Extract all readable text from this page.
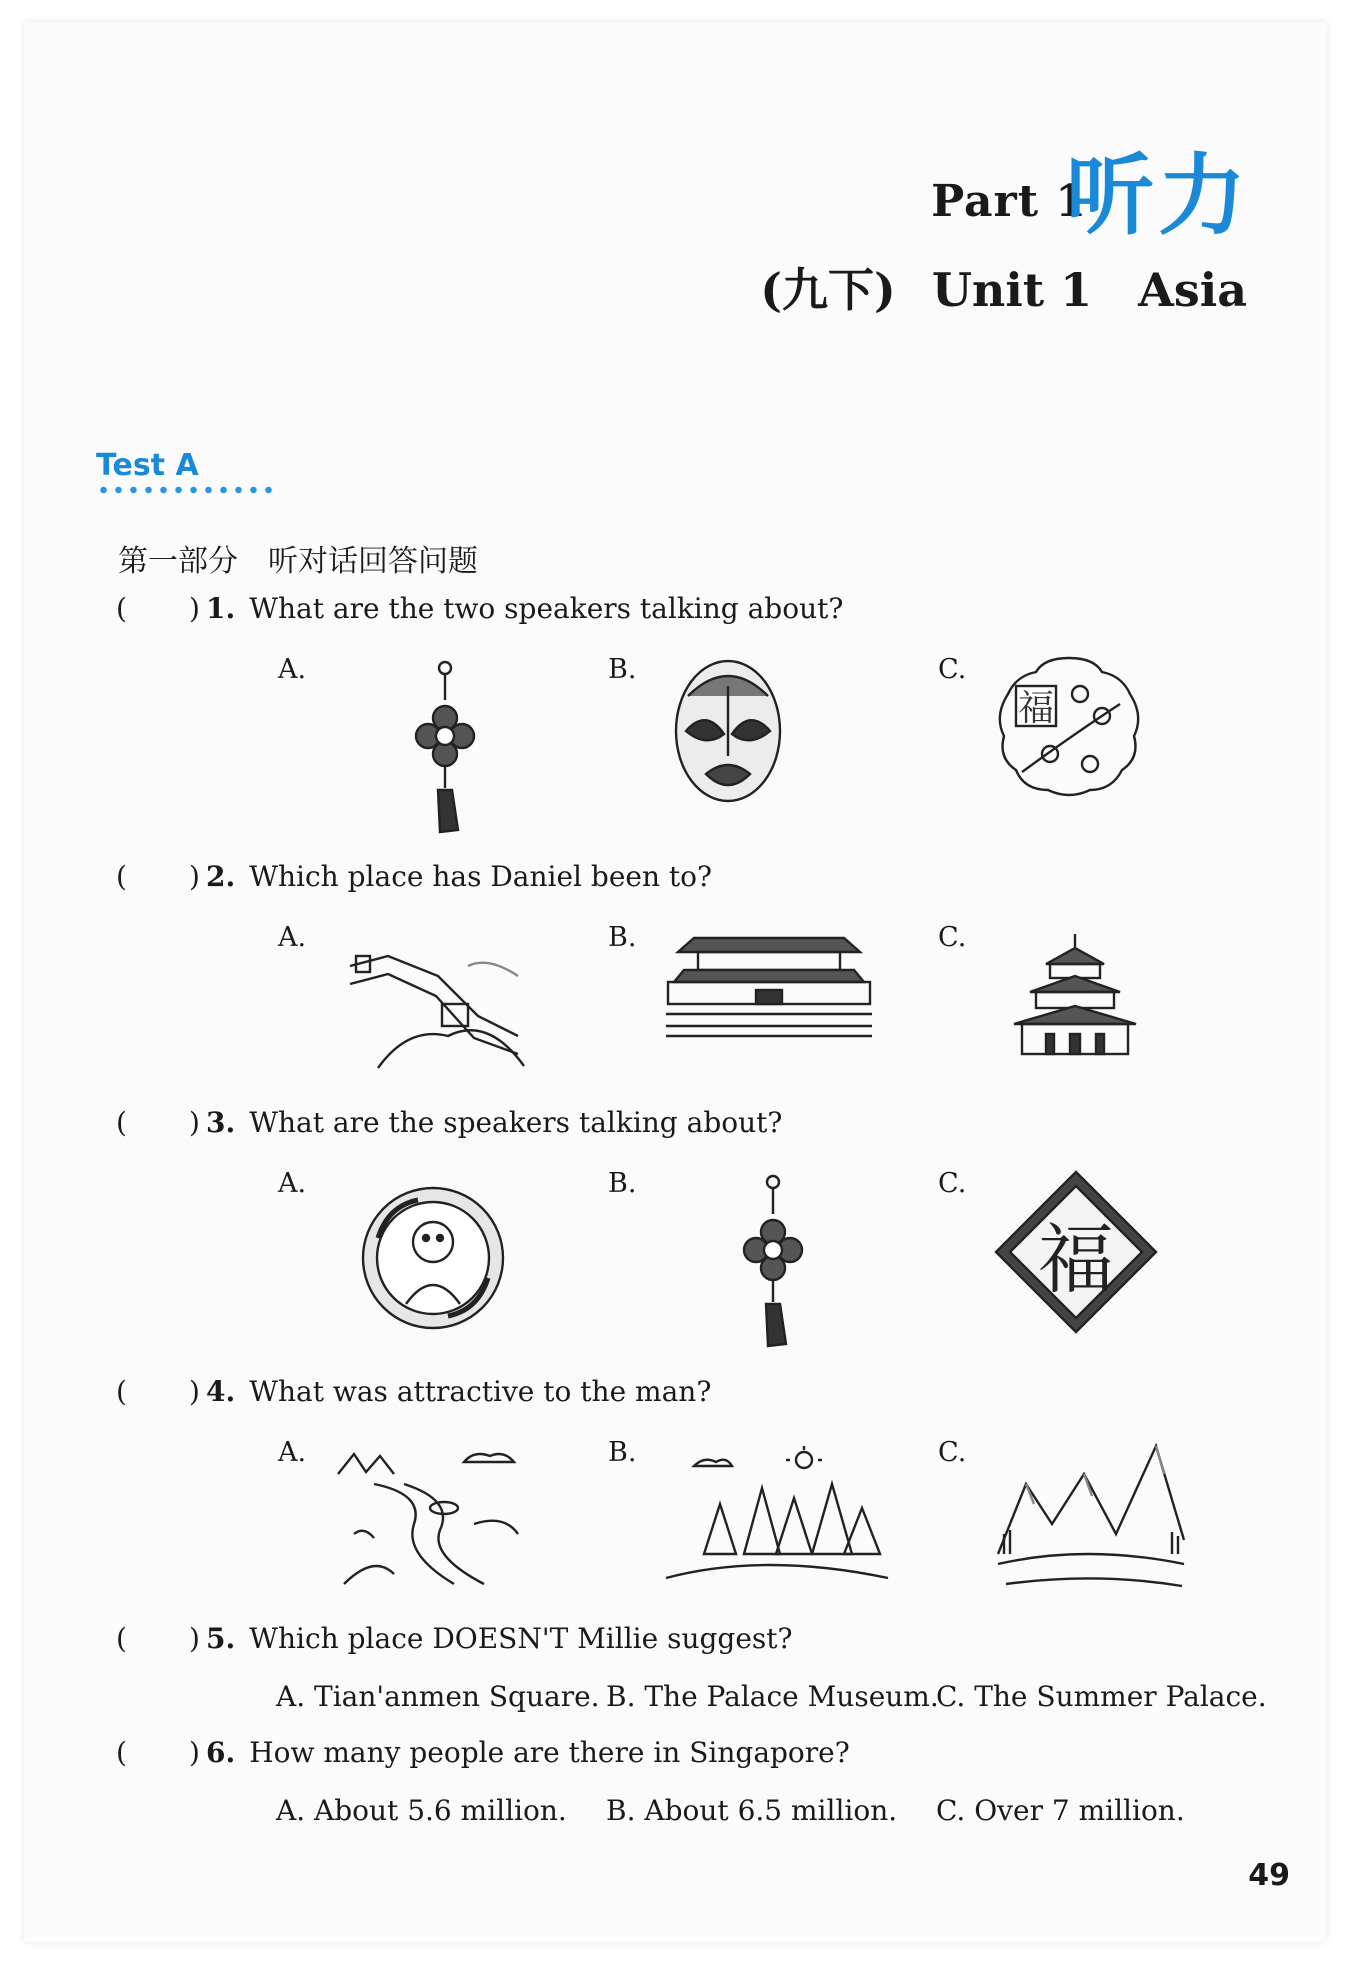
Part 1
听力
(九下) Unit 1 Asia
Test A
第一部分 听对话回答问题
( ) 1. What are the two speakers talking about?
A.	B.	C.
福
( ) 2. Which place has Daniel been to?
A.	B.	C.
( ) 3. What are the speakers talking about?
A.	B.	C.
福
( ) 4. What was attractive to the man?
A.	B.	C.
( ) 5. Which place DOESN'T Millie suggest?
A. Tian'anmen Square. B. The Palace Museum.
C. The Summer Palace.
( ) 6. How many people are there in Singapore?
A. About 5.6 million. B. About 6.5 million. C. Over 7 million.
49
